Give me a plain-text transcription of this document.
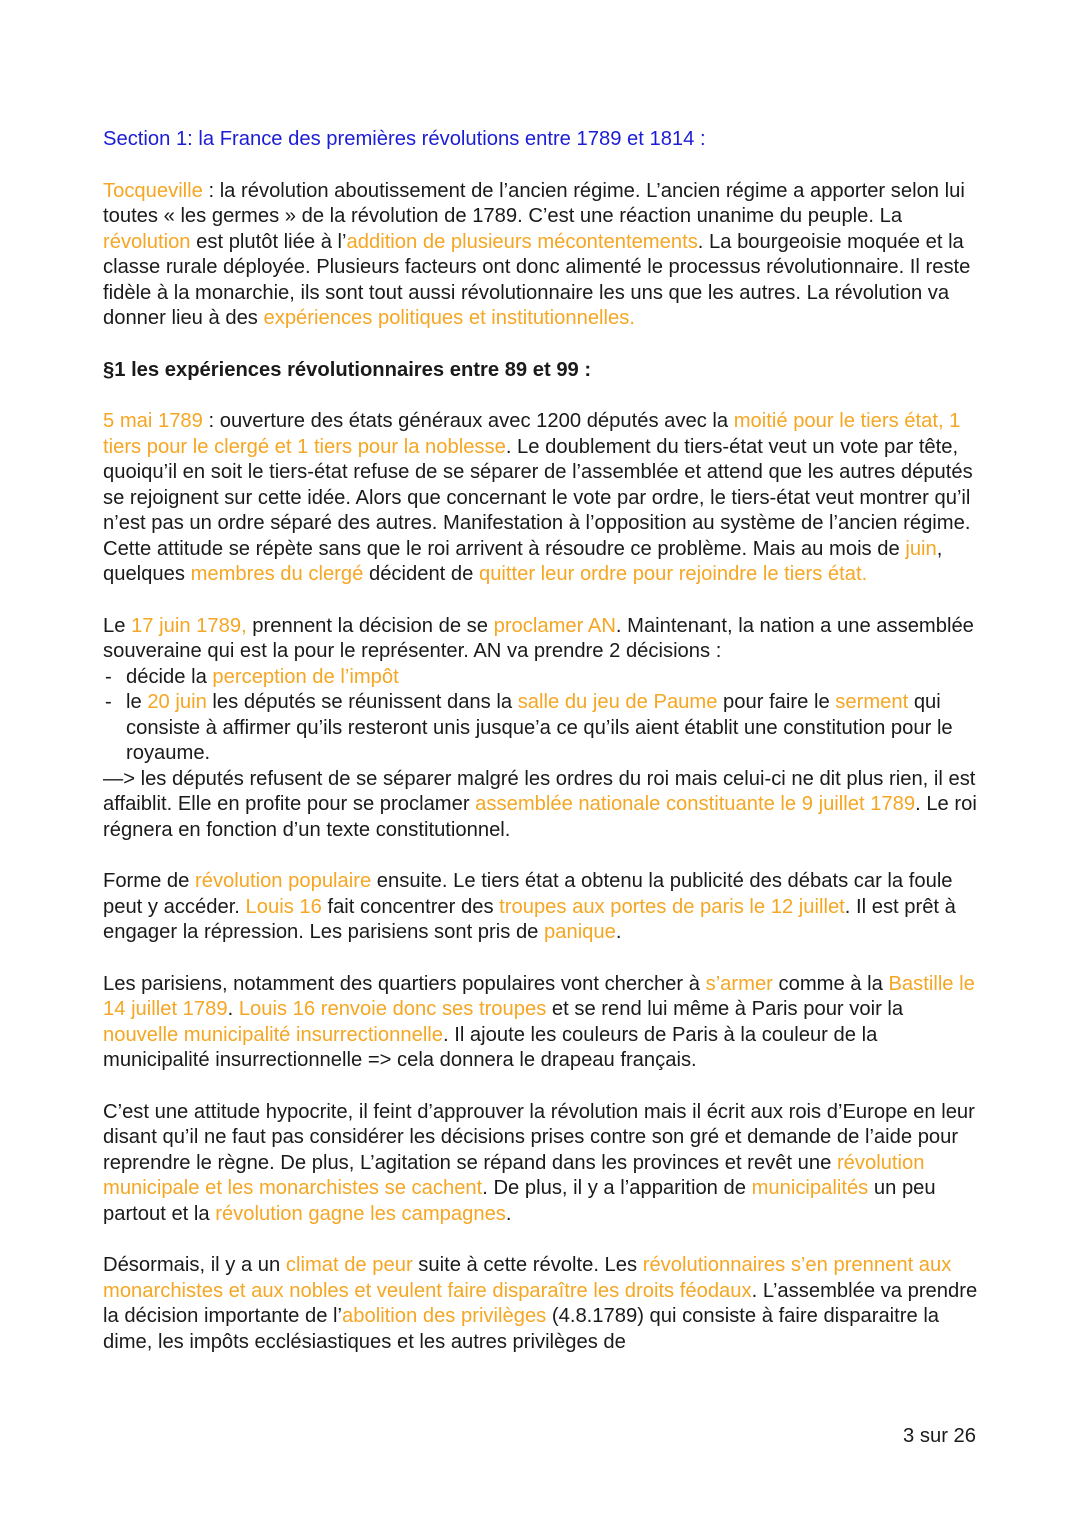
Section 1: la France des premières révolutions entre 1789 et 1814 :

Tocqueville : la révolution aboutissement de l’ancien régime. L’ancien régime a apporter selon lui toutes « les germes » de la révolution de 1789. C’est une réaction unanime du peuple. La révolution est plutôt liée à l’addition de plusieurs mécontentements. La bourgeoisie moquée et la classe rurale déployée. Plusieurs facteurs ont donc alimenté le processus révolutionnaire. Il reste fidèle à la monarchie, ils sont tout aussi révolutionnaire les uns que les autres. La révolution va donner lieu à des expériences politiques et institutionnelles.

§1 les expériences révolutionnaires entre 89 et 99 :

5 mai 1789 : ouverture des états généraux avec 1200 députés avec la moitié pour le tiers état, 1 tiers pour le clergé et 1 tiers pour la noblesse. Le doublement du tiers-état veut un vote par tête, quoiqu’il en soit le tiers-état refuse de se séparer de l’assemblée et attend que les autres députés se rejoignent sur cette idée. Alors que concernant le vote par ordre, le tiers-état veut montrer qu’il n’est pas un ordre séparé des autres. Manifestation à l’opposition au système de l’ancien régime. Cette attitude se répète sans que le roi arrivent à résoudre ce problème. Mais au mois de juin, quelques membres du clergé décident de quitter leur ordre pour rejoindre le tiers état.

Le 17 juin 1789, prennent la décision de se proclamer AN. Maintenant, la nation a une assemblée souveraine qui est la pour le représenter. AN va prendre 2 décisions :

- décide la perception de l’impôt
- le 20 juin les députés se réunissent dans la salle du jeu de Paume pour faire le serment qui consiste à affirmer qu’ils resteront unis jusque’a ce qu’ils aient établit une constitution pour le royaume.

—> les députés refusent de se séparer malgré les ordres du roi mais celui-ci ne dit plus rien, il est affaiblit. Elle en profite pour se proclamer assemblée nationale constituante le 9 juillet 1789. Le roi régnera en fonction d’un texte constitutionnel.

Forme de révolution populaire ensuite. Le tiers état a obtenu la publicité des débats car la foule peut y accéder. Louis 16 fait concentrer des troupes aux portes de paris le 12 juillet. Il est prêt à engager la répression. Les parisiens sont pris de panique.

Les parisiens, notamment des quartiers populaires vont chercher à s’armer comme à la Bastille le 14 juillet 1789. Louis 16 renvoie donc ses troupes et se rend lui même à Paris pour voir la nouvelle municipalité insurrectionnelle. Il ajoute les couleurs de Paris à la couleur de la municipalité insurrectionnelle => cela donnera le drapeau français.

C’est une attitude hypocrite, il feint d’approuver la révolution mais il écrit aux rois d’Europe en leur disant qu’il ne faut pas considérer les décisions prises contre son gré et demande de l’aide pour reprendre le règne. De plus, L’agitation se répand dans les provinces et revêt une révolution municipale et les monarchistes se cachent. De plus, il y a l’apparition de municipalités un peu partout et la révolution gagne les campagnes.

Désormais, il y a un climat de peur suite à cette révolte. Les révolutionnaires s’en prennent aux monarchistes et aux nobles et veulent faire disparaître les droits féodaux. L’assemblée va prendre la décision importante de l’abolition des privilèges (4.8.1789) qui consiste à faire disparaitre la dime, les impôts ecclésiastiques et les autres privilèges de

3 sur 26
